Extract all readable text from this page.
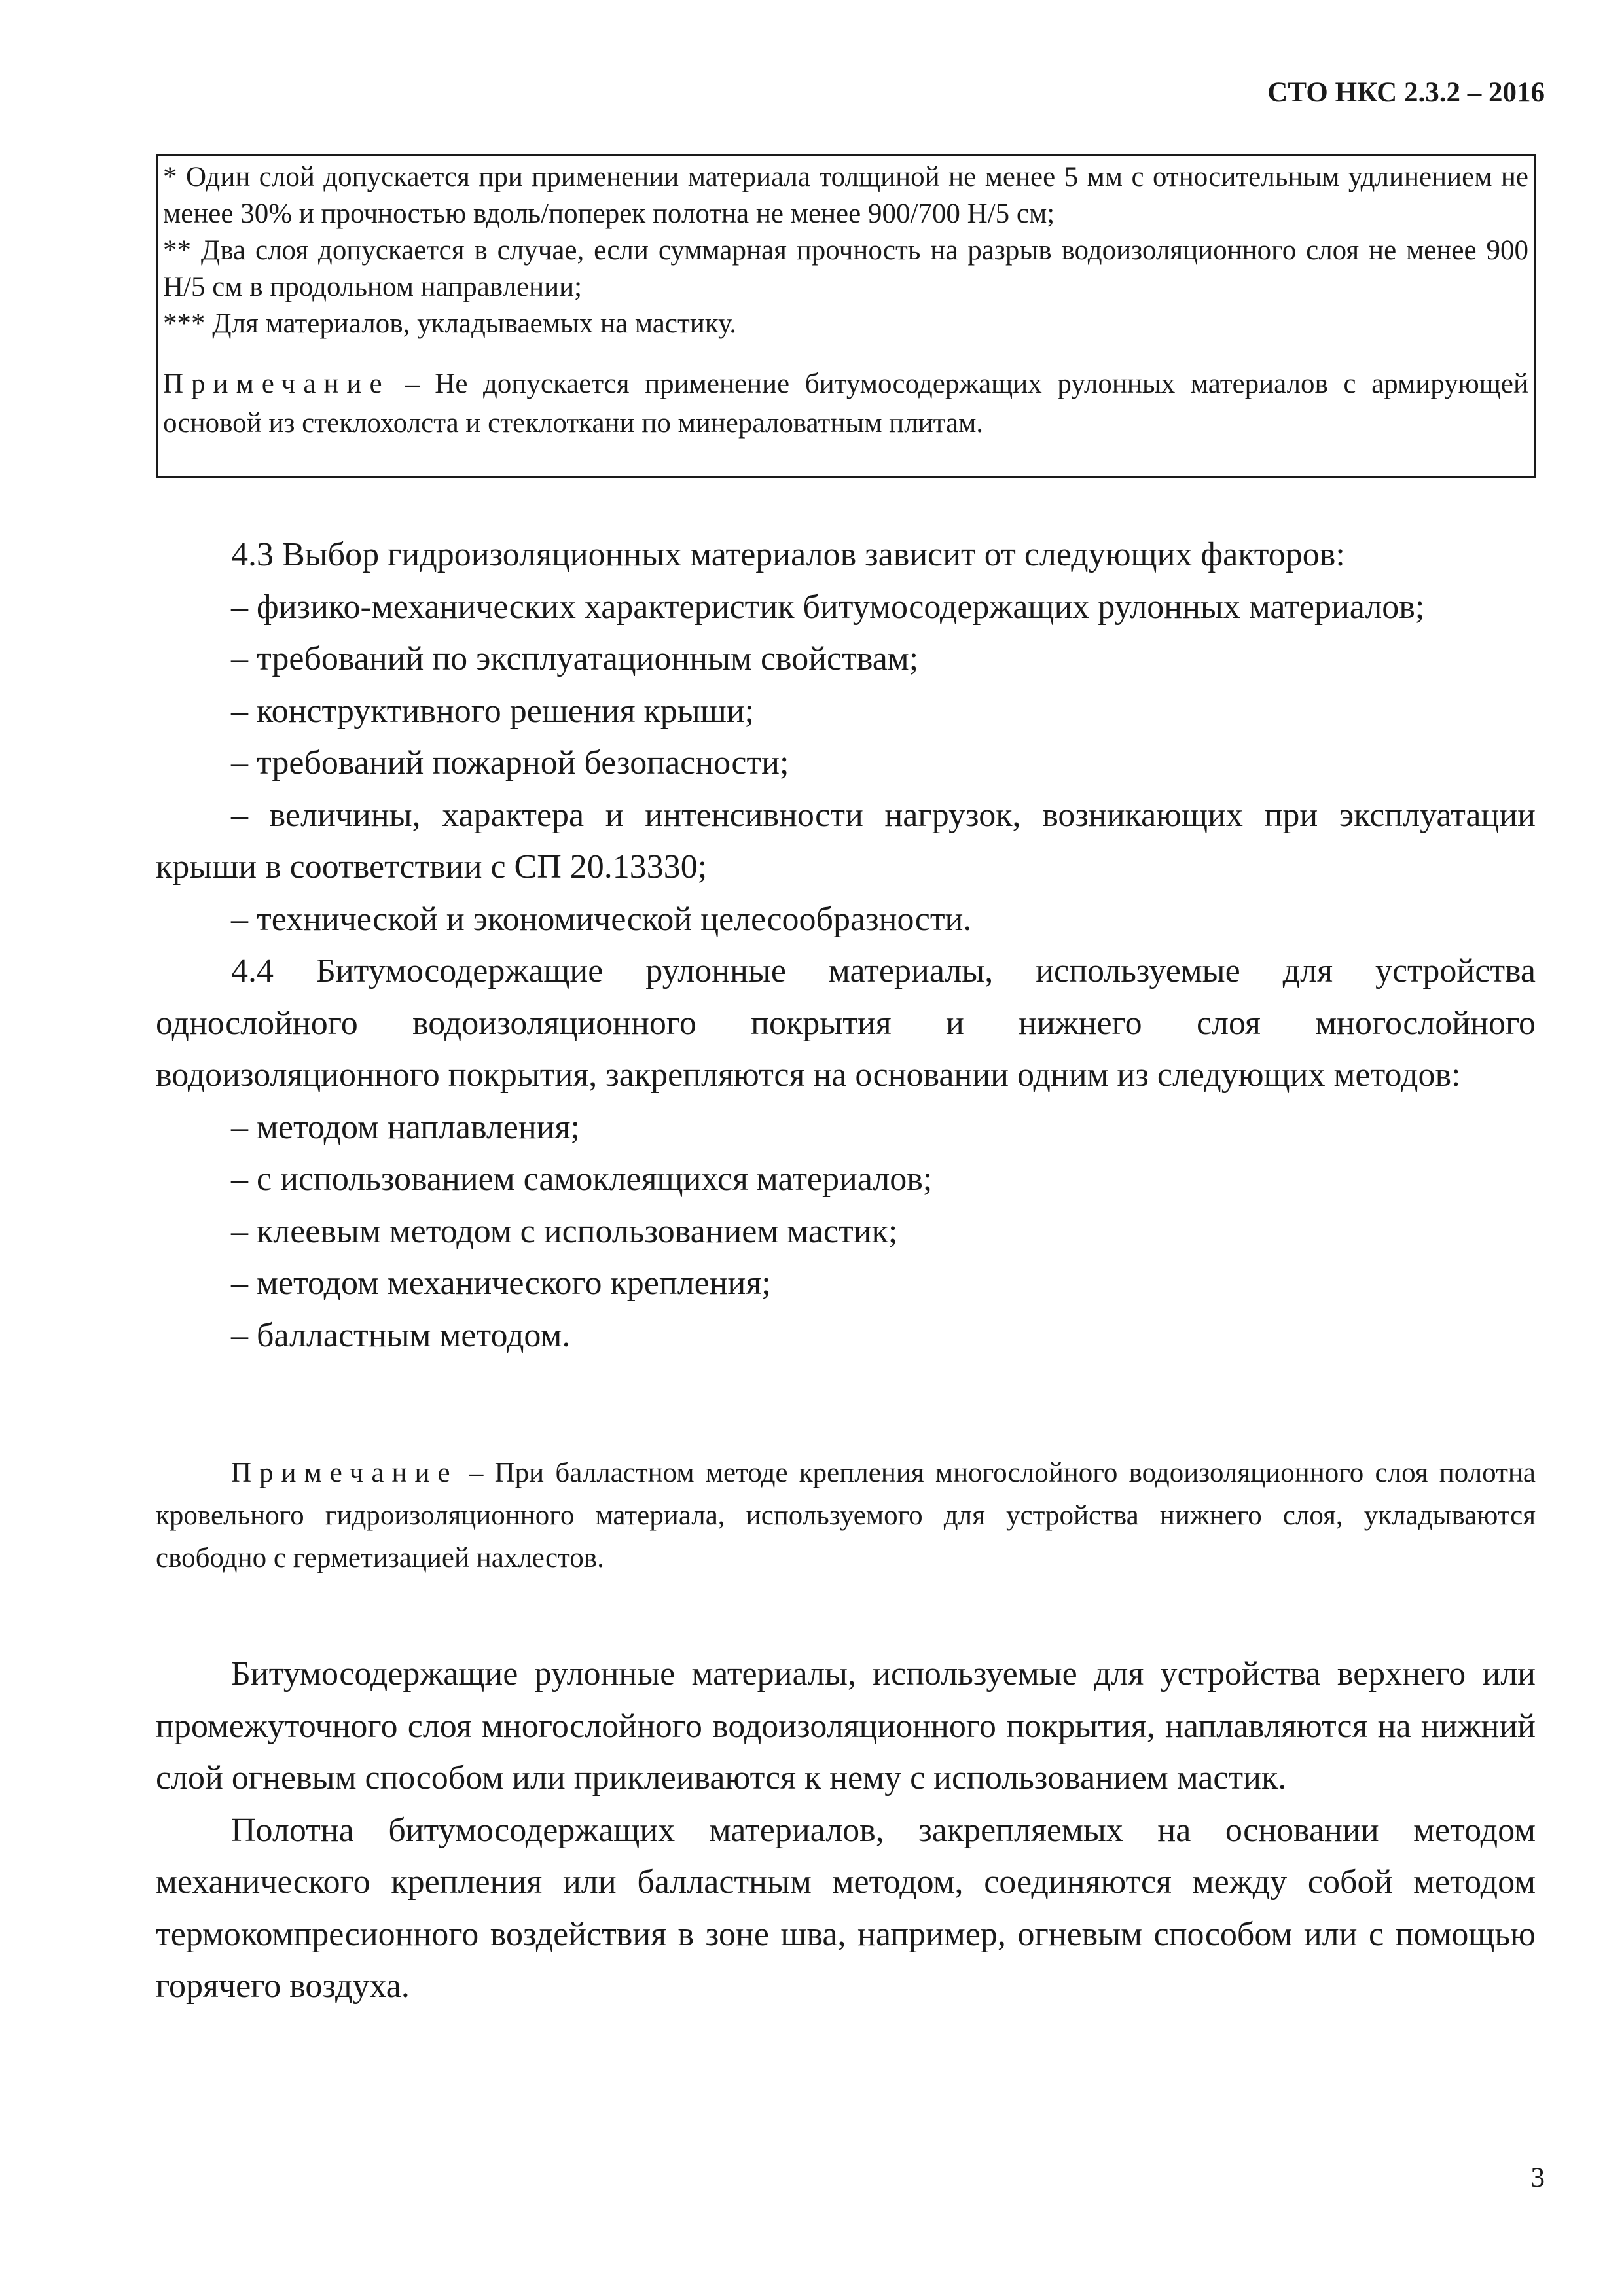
СТО НКС 2.3.2 – 2016

* Один слой допускается при применении материала толщиной не менее 5 мм с относительным удлинением не менее 30% и прочностью вдоль/поперек полотна не менее 900/700 Н/5 см;

** Два слоя допускается в случае, если суммарная прочность на разрыв водоизоляционного слоя не менее 900 Н/5 см в продольном направлении;

*** Для материалов, укладываемых на мастику.

Примечание – Не допускается применение битумосодержащих рулонных материалов с армирующей основой из стеклохолста и стеклоткани по минераловатным плитам.

4.3 Выбор гидроизоляционных материалов зависит от следующих факторов:

– физико-механических характеристик битумосодержащих рулонных материалов;

– требований по эксплуатационным свойствам;

– конструктивного решения крыши;

– требований пожарной безопасности;

– величины, характера и интенсивности нагрузок, возникающих при эксплуатации крыши в соответствии с СП 20.13330;

– технической и экономической целесообразности.

4.4 Битумосодержащие рулонные материалы, используемые для устройства однослойного водоизоляционного покрытия и нижнего слоя многослойного водоизоляционного покрытия, закрепляются на основании одним из следующих методов:

– методом наплавления;

– с использованием самоклеящихся материалов;

– клеевым методом с использованием мастик;

– методом механического крепления;

– балластным методом.

Примечание – При балластном методе крепления многослойного водоизоляционного слоя полотна кровельного гидроизоляционного материала, используемого для устройства нижнего слоя, укладываются свободно с герметизацией нахлестов.

Битумосодержащие рулонные материалы, используемые для устройства верхнего или промежуточного слоя многослойного водоизоляционного покрытия, наплавляются на нижний слой огневым способом или приклеиваются к нему с использованием мастик.

Полотна битумосодержащих материалов, закрепляемых на основании методом механического крепления или балластным методом, соединяются между собой методом термокомпресионного воздействия в зоне шва, например, огневым способом или с помощью горячего воздуха.

3
